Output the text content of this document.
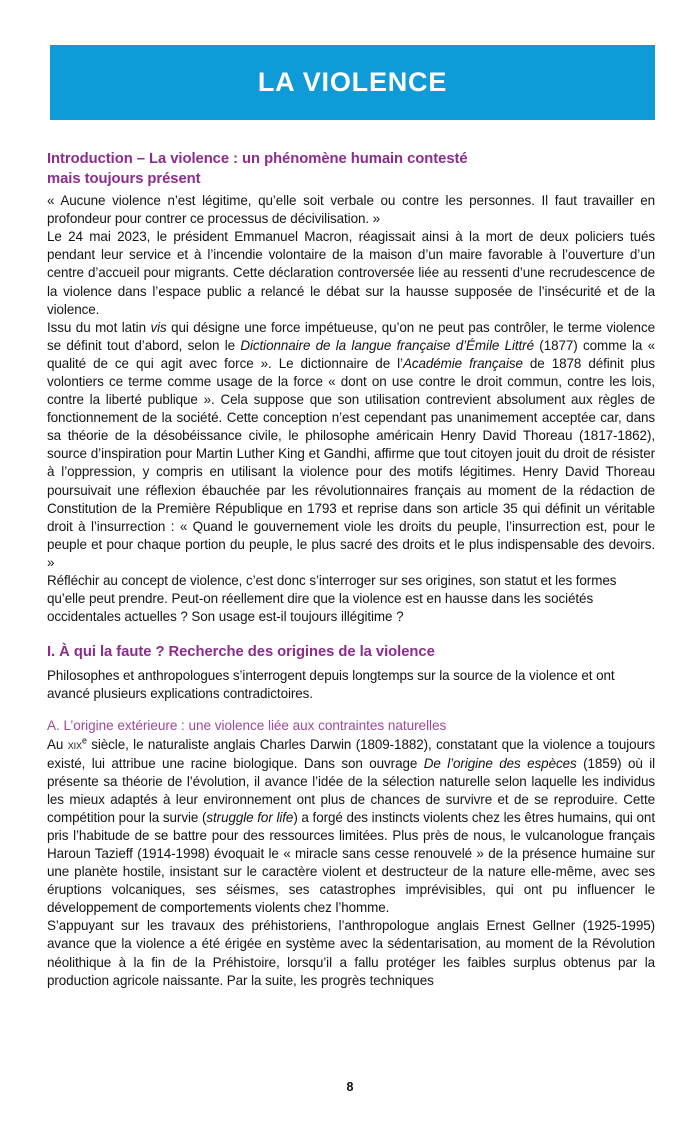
LA VIOLENCE
Introduction – La violence : un phénomène humain contesté
mais toujours présent

« Aucune violence n’est légitime, qu’elle soit verbale ou contre les personnes. Il faut travailler en profondeur pour contrer ce processus de décivilisation. »

Le 24 mai 2023, le président Emmanuel Macron, réagissait ainsi à la mort de deux policiers tués pendant leur service et à l’incendie volontaire de la maison d’un maire favorable à l’ouverture d’un centre d’accueil pour migrants. Cette déclaration controversée liée au ressenti d’une recrudescence de la violence dans l’espace public a relancé le débat sur la hausse supposée de l’insécurité et de la violence.

Issu du mot latin vis qui désigne une force impétueuse, qu’on ne peut pas contrôler, le terme violence se définit tout d’abord, selon le Dictionnaire de la langue française d’Émile Littré (1877) comme la « qualité de ce qui agit avec force ». Le dictionnaire de l’Académie française de 1878 définit plus volontiers ce terme comme usage de la force « dont on use contre le droit commun, contre les lois, contre la liberté publique ». Cela suppose que son utilisation contrevient absolument aux règles de fonctionnement de la société. Cette conception n’est cependant pas unanimement acceptée car, dans sa théorie de la désobéissance civile, le philosophe américain Henry David Thoreau (1817-1862), source d’inspiration pour Martin Luther King et Gandhi, affirme que tout citoyen jouit du droit de résister à l’oppression, y compris en utilisant la violence pour des motifs légitimes. Henry David Thoreau poursuivait une réflexion ébauchée par les révolutionnaires français au moment de la rédaction de Constitution de la Première République en 1793 et reprise dans son article 35 qui définit un véritable droit à l’insurrection : « Quand le gouvernement viole les droits du peuple, l’insurrection est, pour le peuple et pour chaque portion du peuple, le plus sacré des droits et le plus indispensable des devoirs. »

Réfléchir au concept de violence, c’est donc s’interroger sur ses origines, son statut et les formes qu’elle peut prendre. Peut-on réellement dire que la violence est en hausse dans les sociétés occidentales actuelles ? Son usage est-il toujours illégitime ?

I. À qui la faute ? Recherche des origines de la violence

Philosophes et anthropologues s’interrogent depuis longtemps sur la source de la violence et ont avancé plusieurs explications contradictoires.

A. L’origine extérieure : une violence liée aux contraintes naturelles

Au xix$^e$ siècle, le naturaliste anglais Charles Darwin (1809-1882), constatant que la violence a toujours existé, lui attribue une racine biologique. Dans son ouvrage De l’origine des espèces (1859) où il présente sa théorie de l’évolution, il avance l’idée de la sélection naturelle selon laquelle les individus les mieux adaptés à leur environnement ont plus de chances de survivre et de se reproduire. Cette compétition pour la survie (struggle for life) a forgé des instincts violents chez les êtres humains, qui ont pris l’habitude de se battre pour des ressources limitées. Plus près de nous, le vulcanologue français Haroun Tazieff (1914-1998) évoquait le « miracle sans cesse renouvelé » de la présence humaine sur une planète hostile, insistant sur le caractère violent et destructeur de la nature elle-même, avec ses éruptions volcaniques, ses séismes, ses catastrophes imprévisibles, qui ont pu influencer le développement de comportements violents chez l’homme.

S’appuyant sur les travaux des préhistoriens, l’anthropologue anglais Ernest Gellner (1925-1995) avance que la violence a été érigée en système avec la sédentarisation, au moment de la Révolution néolithique à la fin de la Préhistoire, lorsqu’il a fallu protéger les faibles surplus obtenus par la production agricole naissante. Par la suite, les progrès techniques

8
